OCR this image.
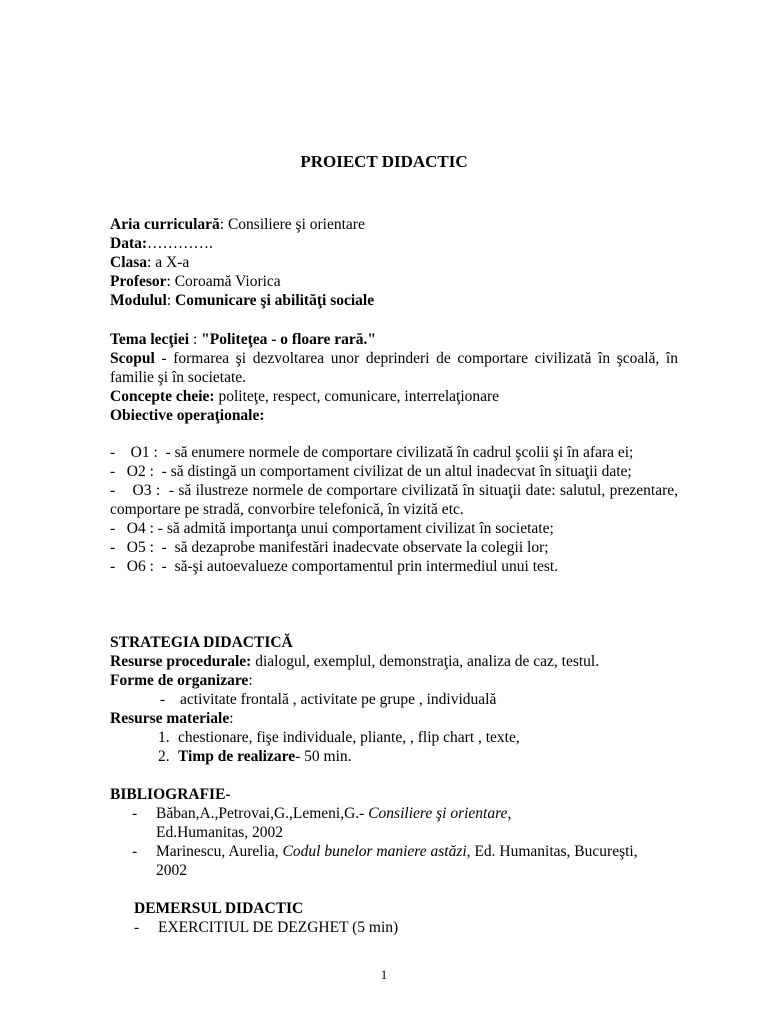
PROIECT DIDACTIC
Aria curriculară: Consiliere şi orientare
Data:………….
Clasa: a X-a
Profesor: Coroamă Viorica
Modulul: Comunicare şi abilităţi sociale
Tema lecţiei : "Politeţea - o floare rară."
Scopul - formarea şi dezvoltarea unor deprinderi de comportare civilizată în şcoală, în familie şi în societate.
Concepte cheie: politeţe, respect, comunicare, interrelaţionare
Obiective operaţionale:
-    O1 :  - să enumere normele de comportare civilizată în cadrul şcolii şi în afara ei;
-   O2 :  - să distingă un comportament civilizat de un altul inadecvat în situaţii date;
-    O3 :  - să ilustreze normele de comportare civilizată în situaţii date: salutul, prezentare, comportare pe stradă, convorbire telefonică, în vizită etc.
-   O4 : - să admită importanţa unui comportament civilizat în societate;
-   O5 :  -  să dezaprobe manifestări inadecvate observate la colegii lor;
-   O6 :  -  să-şi autoevalueze comportamentul prin intermediul unui test.
STRATEGIA DIDACTICĂ
Resurse procedurale: dialogul, exemplul, demonstraţia, analiza de caz, testul.
Forme de organizare:
- activitate frontală , activitate pe grupe , individuală
Resurse materiale:
1. chestionare, fişe individuale, pliante, , flip chart , texte,
2. Timp de realizare- 50 min.
BIBLIOGRAFIE-
-	Băban,A.,Petrovai,G.,Lemeni,G.- Consiliere şi orientare, Ed.Humanitas, 2002
-	Marinescu, Aurelia, Codul bunelor maniere astăzi, Ed. Humanitas, Bucureşti, 2002
DEMERSUL DIDACTIC
-	EXERCITIUL DE DEZGHET (5 min)
1
